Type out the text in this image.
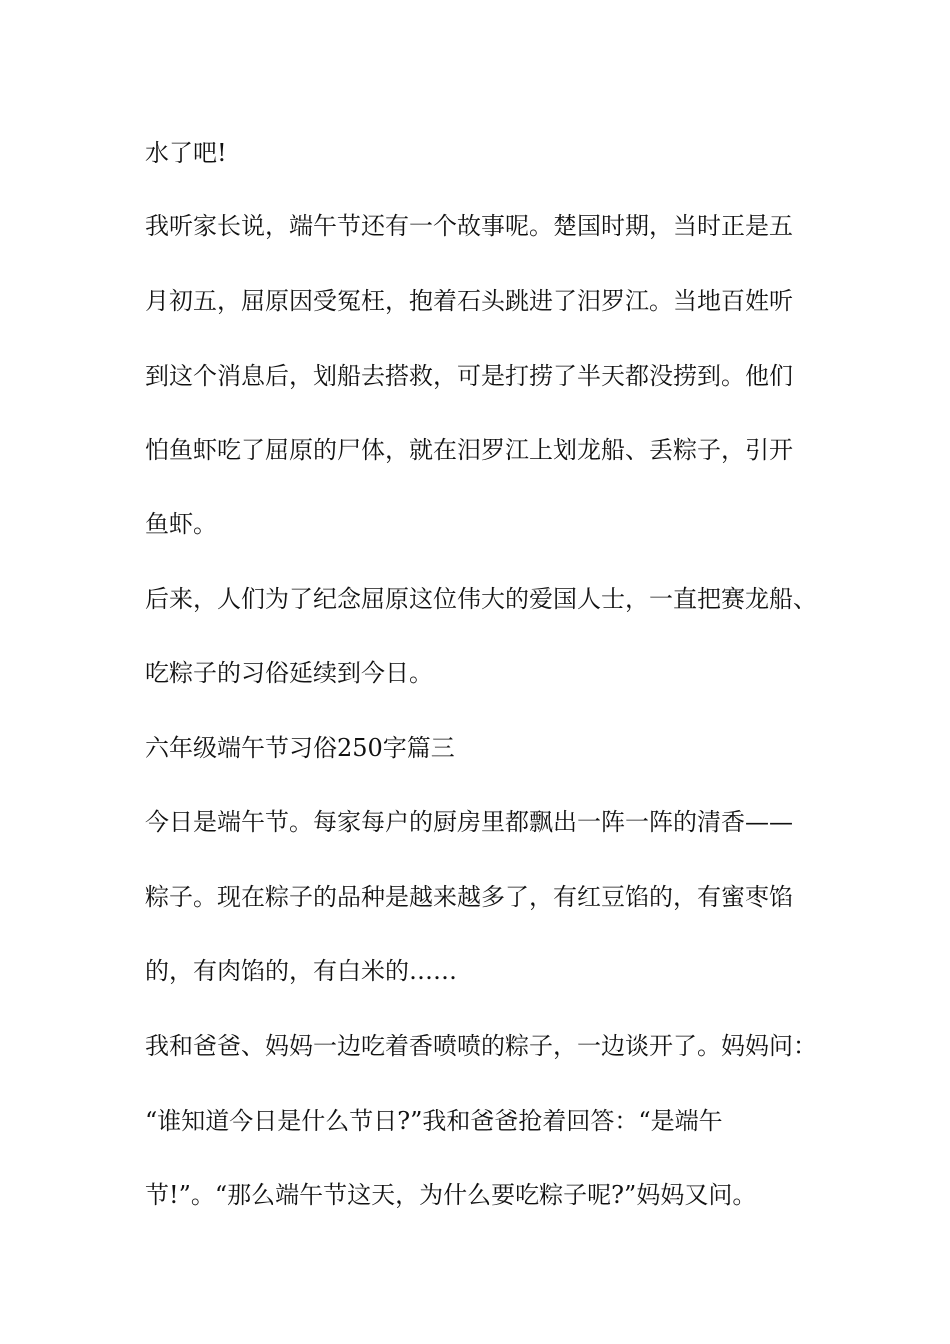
水了吧!
我听家长说，端午节还有一个故事呢。楚国时期，当时正是五
月初五，屈原因受冤枉，抱着石头跳进了汨罗江。当地百姓听
到这个消息后，划船去搭救，可是打捞了半天都没捞到。他们
怕鱼虾吃了屈原的尸体，就在汨罗江上划龙船、丢粽子，引开
鱼虾。
后来，人们为了纪念屈原这位伟大的爱国人士，一直把赛龙船、
吃粽子的习俗延续到今日。
六年级端午节习俗250字篇三
今日是端午节。每家每户的厨房里都飘出一阵一阵的清香——
粽子。现在粽子的品种是越来越多了，有红豆馅的，有蜜枣馅
的，有肉馅的，有白米的……
我和爸爸、妈妈一边吃着香喷喷的粽子，一边谈开了。妈妈问：
“谁知道今日是什么节日?”我和爸爸抢着回答：“是端午
节!”。“那么端午节这天，为什么要吃粽子呢?”妈妈又问。
